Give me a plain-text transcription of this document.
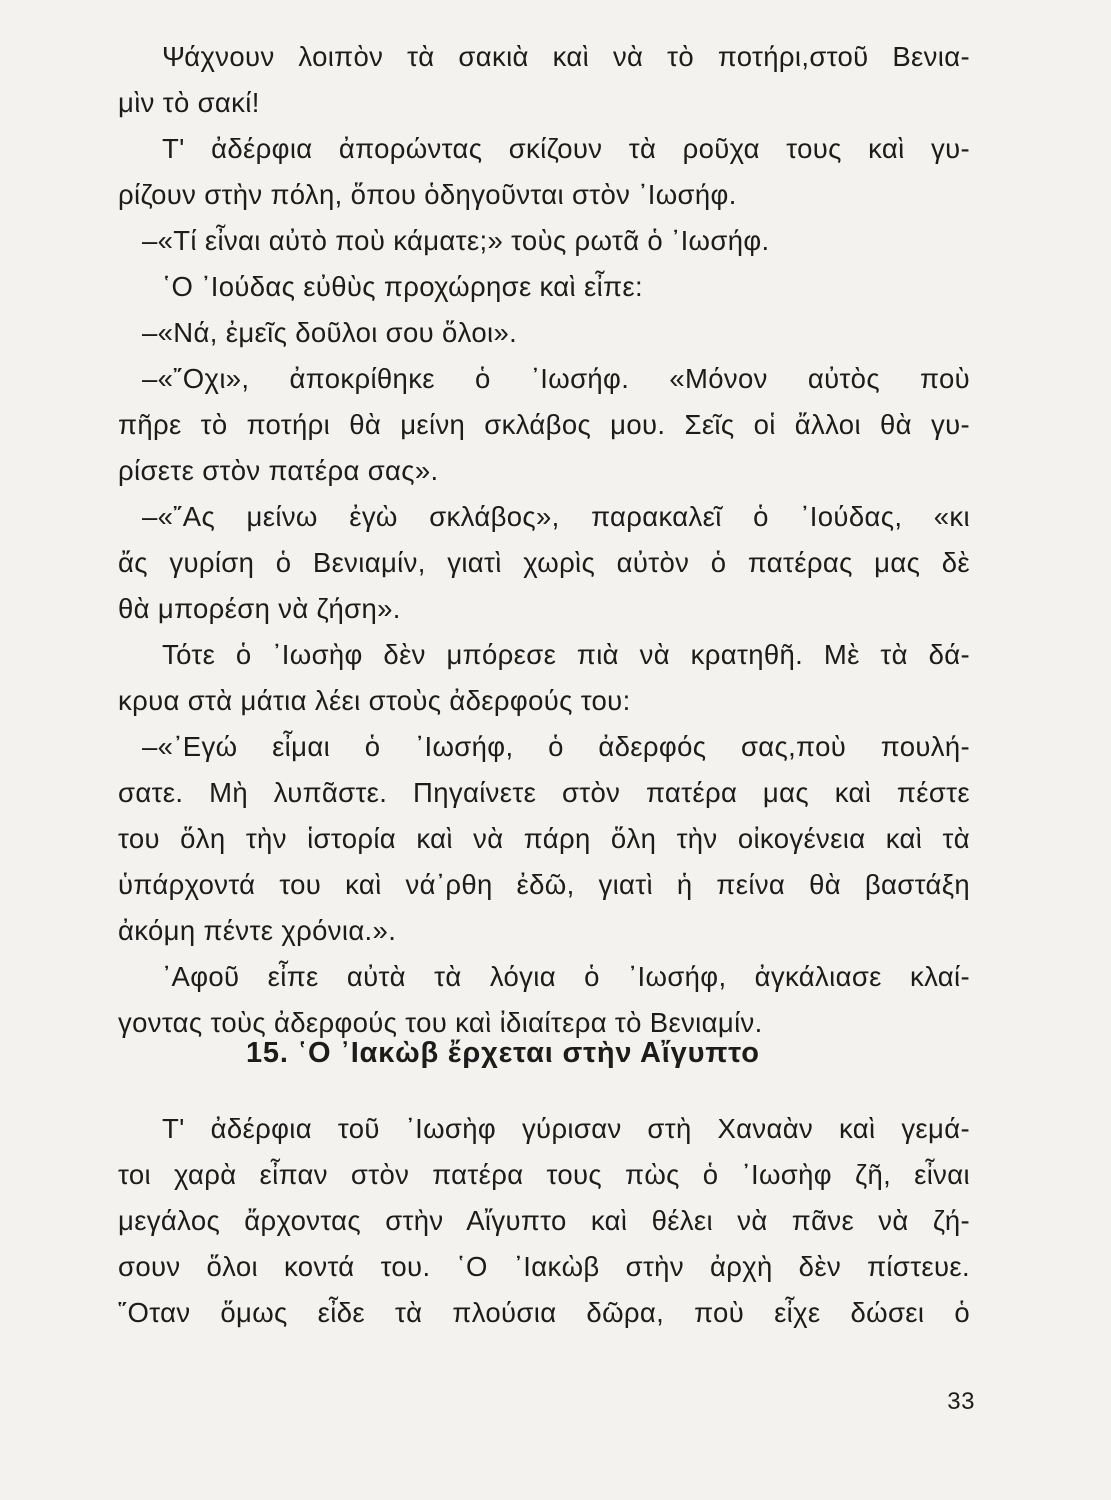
Ψάχνουν λοιπὸν τὰ σακιὰ καὶ νὰ τὸ ποτήρι,στοῦ Βενια-
μὶν τὸ σακί!
Τ' ἀδέρφια ἀπορώντας σκίζουν τὰ ροῦχα τους καὶ γυ-
ρίζουν στὴν πόλη, ὅπου ὁδηγοῦνται στὸν ᾽Ιωσήφ.
–«Τί εἶναι αὐτὸ ποὺ κάματε;» τοὺς ρωτᾶ ὁ ᾽Ιωσήφ.
῾Ο ᾽Ιούδας εὐθὺς προχώρησε καὶ εἶπε:
–«Νά, ἐμεῖς δοῦλοι σου ὅλοι».
–«῎Οχι», ἀποκρίθηκε ὁ ᾽Ιωσήφ. «Μόνον αὐτὸς ποὺ
πῆρε τὸ ποτήρι θὰ μείνη σκλάβος μου. Σεῖς οἱ ἄλλοι θὰ γυ-
ρίσετε στὸν πατέρα σας».
–«῎Ας μείνω ἐγὼ σκλάβος», παρακαλεῖ ὁ ᾽Ιούδας, «κι
ἄς γυρίση ὁ Βενιαμίν, γιατὶ χωρὶς αὐτὸν ὁ πατέρας μας δὲ
θὰ μπορέση νὰ ζήση».
Τότε ὁ ᾽Ιωσὴφ δὲν μπόρεσε πιὰ νὰ κρατηθῆ. Μὲ τὰ δά-
κρυα στὰ μάτια λέει στοὺς ἀδερφούς του:
–«᾽Εγώ εἶμαι ὁ ᾽Ιωσήφ, ὁ ἀδερφός σας,ποὺ πουλή-
σατε. Μὴ λυπᾶστε. Πηγαίνετε στὸν πατέρα μας καὶ πέστε
του ὅλη τὴν ἱστορία καὶ νὰ πάρη ὅλη τὴν οἰκογένεια καὶ τὰ
ὑπάρχοντά του καὶ νά᾽ρθη ἐδῶ, γιατὶ ἡ πείνα θὰ βαστάξη
ἀκόμη πέντε χρόνια.».
᾽Αφοῦ εἶπε αὐτὰ τὰ λόγια ὁ ᾽Ιωσήφ, ἀγκάλιασε κλαί-
γοντας τοὺς ἀδερφούς του καὶ ἰδιαίτερα τὸ Βενιαμίν.
15. ῾Ο ᾽Ιακὼβ ἔρχεται στὴν Αἴγυπτο
Τ' ἀδέρφια τοῦ ᾽Ιωσὴφ γύρισαν στὴ Χαναὰν καὶ γεμά-
τοι χαρὰ εἶπαν στὸν πατέρα τους πὼς ὁ ᾽Ιωσὴφ ζῆ, εἶναι
μεγάλος ἄρχοντας στὴν Αἴγυπτο καὶ θέλει νὰ πᾶνε νὰ ζή-
σουν ὅλοι κοντά του. ῾Ο ᾽Ιακὼβ στὴν ἀρχὴ δὲν πίστευε.
῞Οταν ὅμως εἶδε τὰ πλούσια δῶρα, ποὺ εἶχε δώσει ὁ
33
